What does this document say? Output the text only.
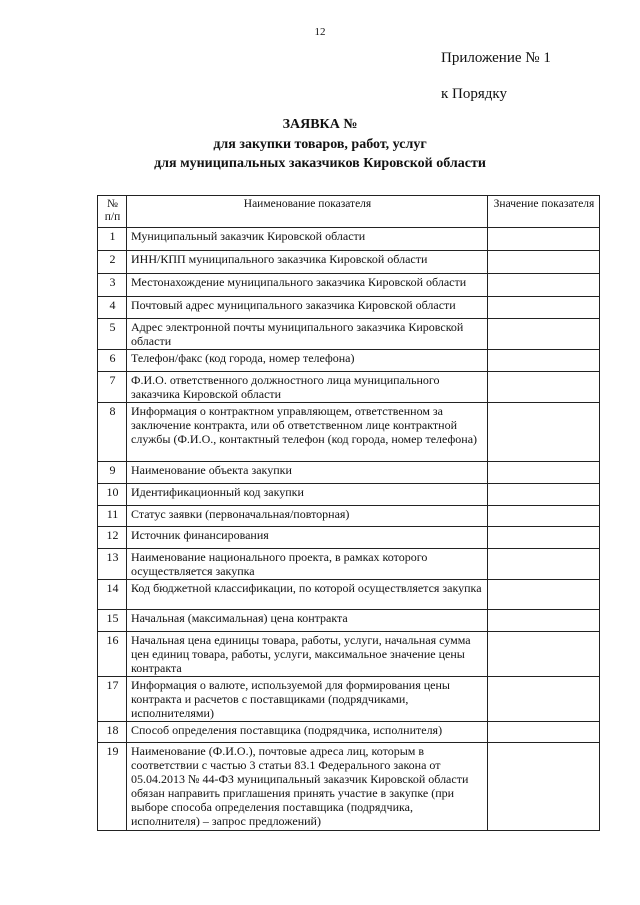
12
Приложение № 1
к Порядку
ЗАЯВКА №
для закупки товаров, работ, услуг
для муниципальных заказчиков Кировской области
№ п/п	Наименование показателя	Значение показателя
1	Муниципальный заказчик Кировской области	
2	ИНН/КПП муниципального заказчика Кировской области	
3	Местонахождение муниципального заказчика Кировской области	
4	Почтовый адрес муниципального заказчика Кировской области	
5	Адрес электронной почты муниципального заказчика Кировской области	
6	Телефон/факс (код города, номер телефона)	
7	Ф.И.О. ответственного должностного лица муниципального заказчика Кировской области	
8	Информация о контрактном управляющем, ответственном за заключение контракта, или об ответственном лице контрактной службы (Ф.И.О., контактный телефон (код города, номер телефона)	
9	Наименование объекта закупки	
10	Идентификационный код закупки	
11	Статус заявки (первоначальная/повторная)	
12	Источник финансирования	
13	Наименование национального проекта, в рамках которого осуществляется закупка	
14	Код бюджетной классификации, по которой осуществляется закупка	
15	Начальная (максимальная) цена контракта	
16	Начальная цена единицы товара, работы, услуги, начальная сумма цен единиц товара, работы, услуги, максимальное значение цены контракта	
17	Информация о валюте, используемой для формирования цены контракта и расчетов с поставщиками (подрядчиками, исполнителями)	
18	Способ определения поставщика (подрядчика, исполнителя)	
19	Наименование (Ф.И.О.), почтовые адреса лиц, которым в соответствии с частью 3 статьи 83.1 Федерального закона от 05.04.2013 № 44-ФЗ муниципальный заказчик Кировской области обязан направить приглашения принять участие в закупке (при выборе способа определения поставщика (подрядчика, исполнителя) – запрос предложений)	
